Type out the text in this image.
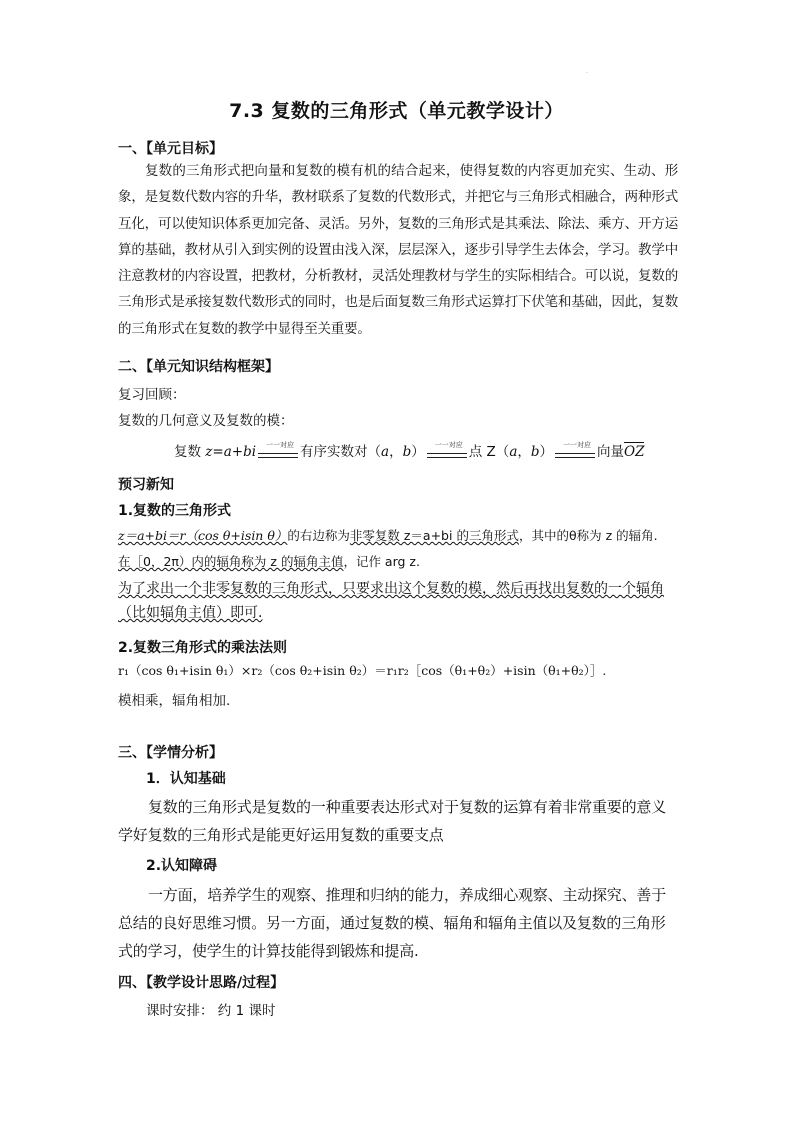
·
7.3 复数的三角形式（单元教学设计）
一、【单元目标】
复数的三角形式把向量和复数的模有机的结合起来，使得复数的内容更加充实、生动、形象，是复数代数内容的升华，教材联系了复数的代数形式，并把它与三角形式相融合，两种形式互化，可以使知识体系更加完备、灵活。另外，复数的三角形式是其乘法、除法、乘方、开方运算的基础，教材从引入到实例的设置由浅入深，层层深入，逐步引导学生去体会，学习。教学中注意教材的内容设置，把教材，分析教材，灵活处理教材与学生的实际相结合。可以说，复数的三角形式是承接复数代数形式的同时，也是后面复数三角形式运算打下伏笔和基础，因此，复数的三角形式在复数的教学中显得至关重要。
二、【单元知识结构框架】
复习回顾：
复数的几何意义及复数的模：
复数 z=a+bi 一一对应 有序实数对（a，b） 一一对应 点 Z（a，b） 一一对应 向量OZ
预习新知
1.复数的三角形式
z＝a+bi＝r（cos θ+isin θ）的右边称为非零复数 z＝a+bi 的三角形式，其中的θ称为 z 的辐角.
在［0，2π）内的辐角称为 z 的辐角主值，记作 arg z.
为了求出一个非零复数的三角形式，只要求出这个复数的模，然后再找出复数的一个辐角（比如辐角主值）即可.
2.复数三角形式的乘法法则
r₁（cos θ₁+isin θ₁）×r₂（cos θ₂+isin θ₂）＝r₁r₂［cos（θ₁+θ₂）+isin（θ₁+θ₂）］.
模相乘，辐角相加.
三、【学情分析】
1．认知基础
复数的三角形式是复数的一种重要表达形式对于复数的运算有着非常重要的意义学好复数的三角形式是能更好运用复数的重要支点
2.认知障碍
一方面，培养学生的观察、推理和归纳的能力，养成细心观察、主动探究、善于总结的良好思维习惯。另一方面，通过复数的模、辐角和辐角主值以及复数的三角形式的学习，使学生的计算技能得到锻炼和提高.
四、【教学设计思路/过程】
课时安排： 约 1 课时
